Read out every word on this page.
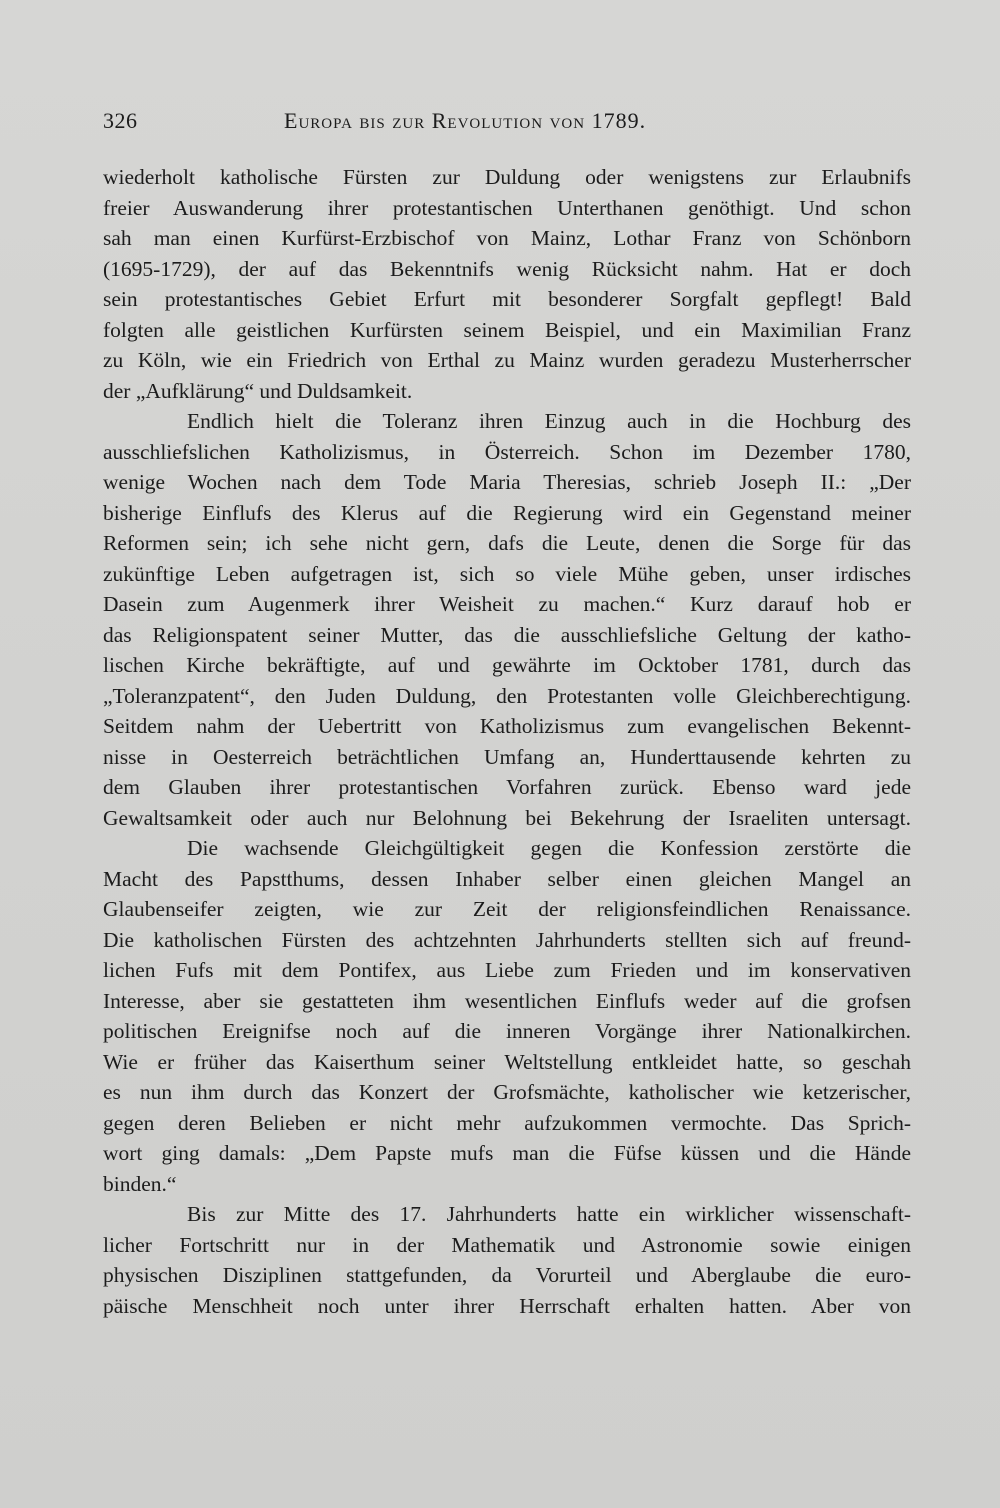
326	Europa bis zur Revolution von 1789.
wiederholt katholische Fürsten zur Duldung oder wenigstens zur Erlaubnifs
freier Auswanderung ihrer protestantischen Unterthanen genöthigt. Und schon
sah man einen Kurfürst-Erzbischof von Mainz, Lothar Franz von Schönborn
(1695-1729), der auf das Bekenntnifs wenig Rücksicht nahm. Hat er doch
sein protestantisches Gebiet Erfurt mit besonderer Sorgfalt gepflegt! Bald
folgten alle geistlichen Kurfürsten seinem Beispiel, und ein Maximilian Franz
zu Köln, wie ein Friedrich von Erthal zu Mainz wurden geradezu Musterherrscher
der „Aufklärung“ und Duldsamkeit.
Endlich hielt die Toleranz ihren Einzug auch in die Hochburg des
ausschliefslichen Katholizismus, in Österreich. Schon im Dezember 1780,
wenige Wochen nach dem Tode Maria Theresias, schrieb Joseph II.: „Der
bisherige Einflufs des Klerus auf die Regierung wird ein Gegenstand meiner
Reformen sein; ich sehe nicht gern, dafs die Leute, denen die Sorge für das
zukünftige Leben aufgetragen ist, sich so viele Mühe geben, unser irdisches
Dasein zum Augenmerk ihrer Weisheit zu machen.“ Kurz darauf hob er
das Religionspatent seiner Mutter, das die ausschliefsliche Geltung der katho-
lischen Kirche bekräftigte, auf und gewährte im Ocktober 1781, durch das
„Toleranzpatent“, den Juden Duldung, den Protestanten volle Gleichberechtigung.
Seitdem nahm der Uebertritt von Katholizismus zum evangelischen Bekennt-
nisse in Oesterreich beträchtlichen Umfang an, Hunderttausende kehrten zu
dem Glauben ihrer protestantischen Vorfahren zurück. Ebenso ward jede
Gewaltsamkeit oder auch nur Belohnung bei Bekehrung der Israeliten untersagt.
Die wachsende Gleichgültigkeit gegen die Konfession zerstörte die
Macht des Papstthums, dessen Inhaber selber einen gleichen Mangel an
Glaubenseifer zeigten, wie zur Zeit der religionsfeindlichen Renaissance.
Die katholischen Fürsten des achtzehnten Jahrhunderts stellten sich auf freund-
lichen Fufs mit dem Pontifex, aus Liebe zum Frieden und im konservativen
Interesse, aber sie gestatteten ihm wesentlichen Einflufs weder auf die grofsen
politischen Ereignifse noch auf die inneren Vorgänge ihrer Nationalkirchen.
Wie er früher das Kaiserthum seiner Weltstellung entkleidet hatte, so geschah
es nun ihm durch das Konzert der Grofsmächte, katholischer wie ketzerischer,
gegen deren Belieben er nicht mehr aufzukommen vermochte. Das Sprich-
wort ging damals: „Dem Papste mufs man die Füfse küssen und die Hände
binden.“
Bis zur Mitte des 17. Jahrhunderts hatte ein wirklicher wissenschaft-
licher Fortschritt nur in der Mathematik und Astronomie sowie einigen
physischen Disziplinen stattgefunden, da Vorurteil und Aberglaube die euro-
päische Menschheit noch unter ihrer Herrschaft erhalten hatten. Aber von
